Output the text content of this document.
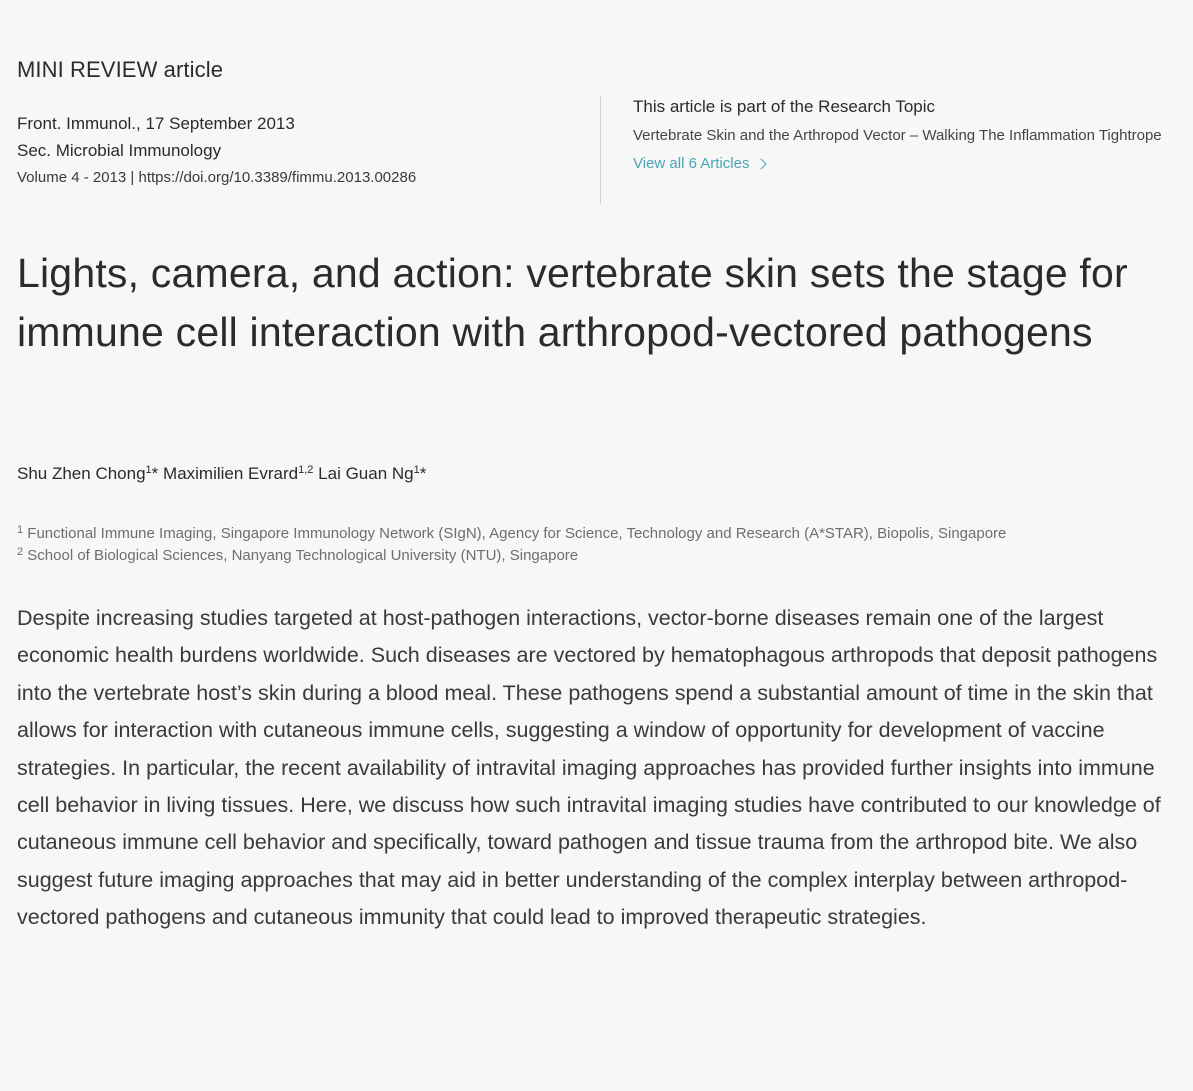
MINI REVIEW article
Front. Immunol., 17 September 2013
Sec. Microbial Immunology
Volume 4 - 2013 | https://doi.org/10.3389/fimmu.2013.00286
This article is part of the Research Topic
Vertebrate Skin and the Arthropod Vector – Walking The Inflammation Tightrope
View all 6 Articles
Lights, camera, and action: vertebrate skin sets the stage for immune cell interaction with arthropod-vectored pathogens
Shu Zhen Chong$^1$* Maximilien Evrard$^{1,2}$ Lai Guan Ng$^1$*
$^1$ Functional Immune Imaging, Singapore Immunology Network (SIgN), Agency for Science, Technology and Research (A*STAR), Biopolis, Singapore
$^2$ School of Biological Sciences, Nanyang Technological University (NTU), Singapore

Despite increasing studies targeted at host-pathogen interactions, vector-borne diseases remain one of the largest economic health burdens worldwide. Such diseases are vectored by hematophagous arthropods that deposit pathogens into the vertebrate host’s skin during a blood meal. These pathogens spend a substantial amount of time in the skin that allows for interaction with cutaneous immune cells, suggesting a window of opportunity for development of vaccine strategies. In particular, the recent availability of intravital imaging approaches has provided further insights into immune cell behavior in living tissues. Here, we discuss how such intravital imaging studies have contributed to our knowledge of cutaneous immune cell behavior and specifically, toward pathogen and tissue trauma from the arthropod bite. We also suggest future imaging approaches that may aid in better understanding of the complex interplay between arthropod-vectored pathogens and cutaneous immunity that could lead to improved therapeutic strategies.
